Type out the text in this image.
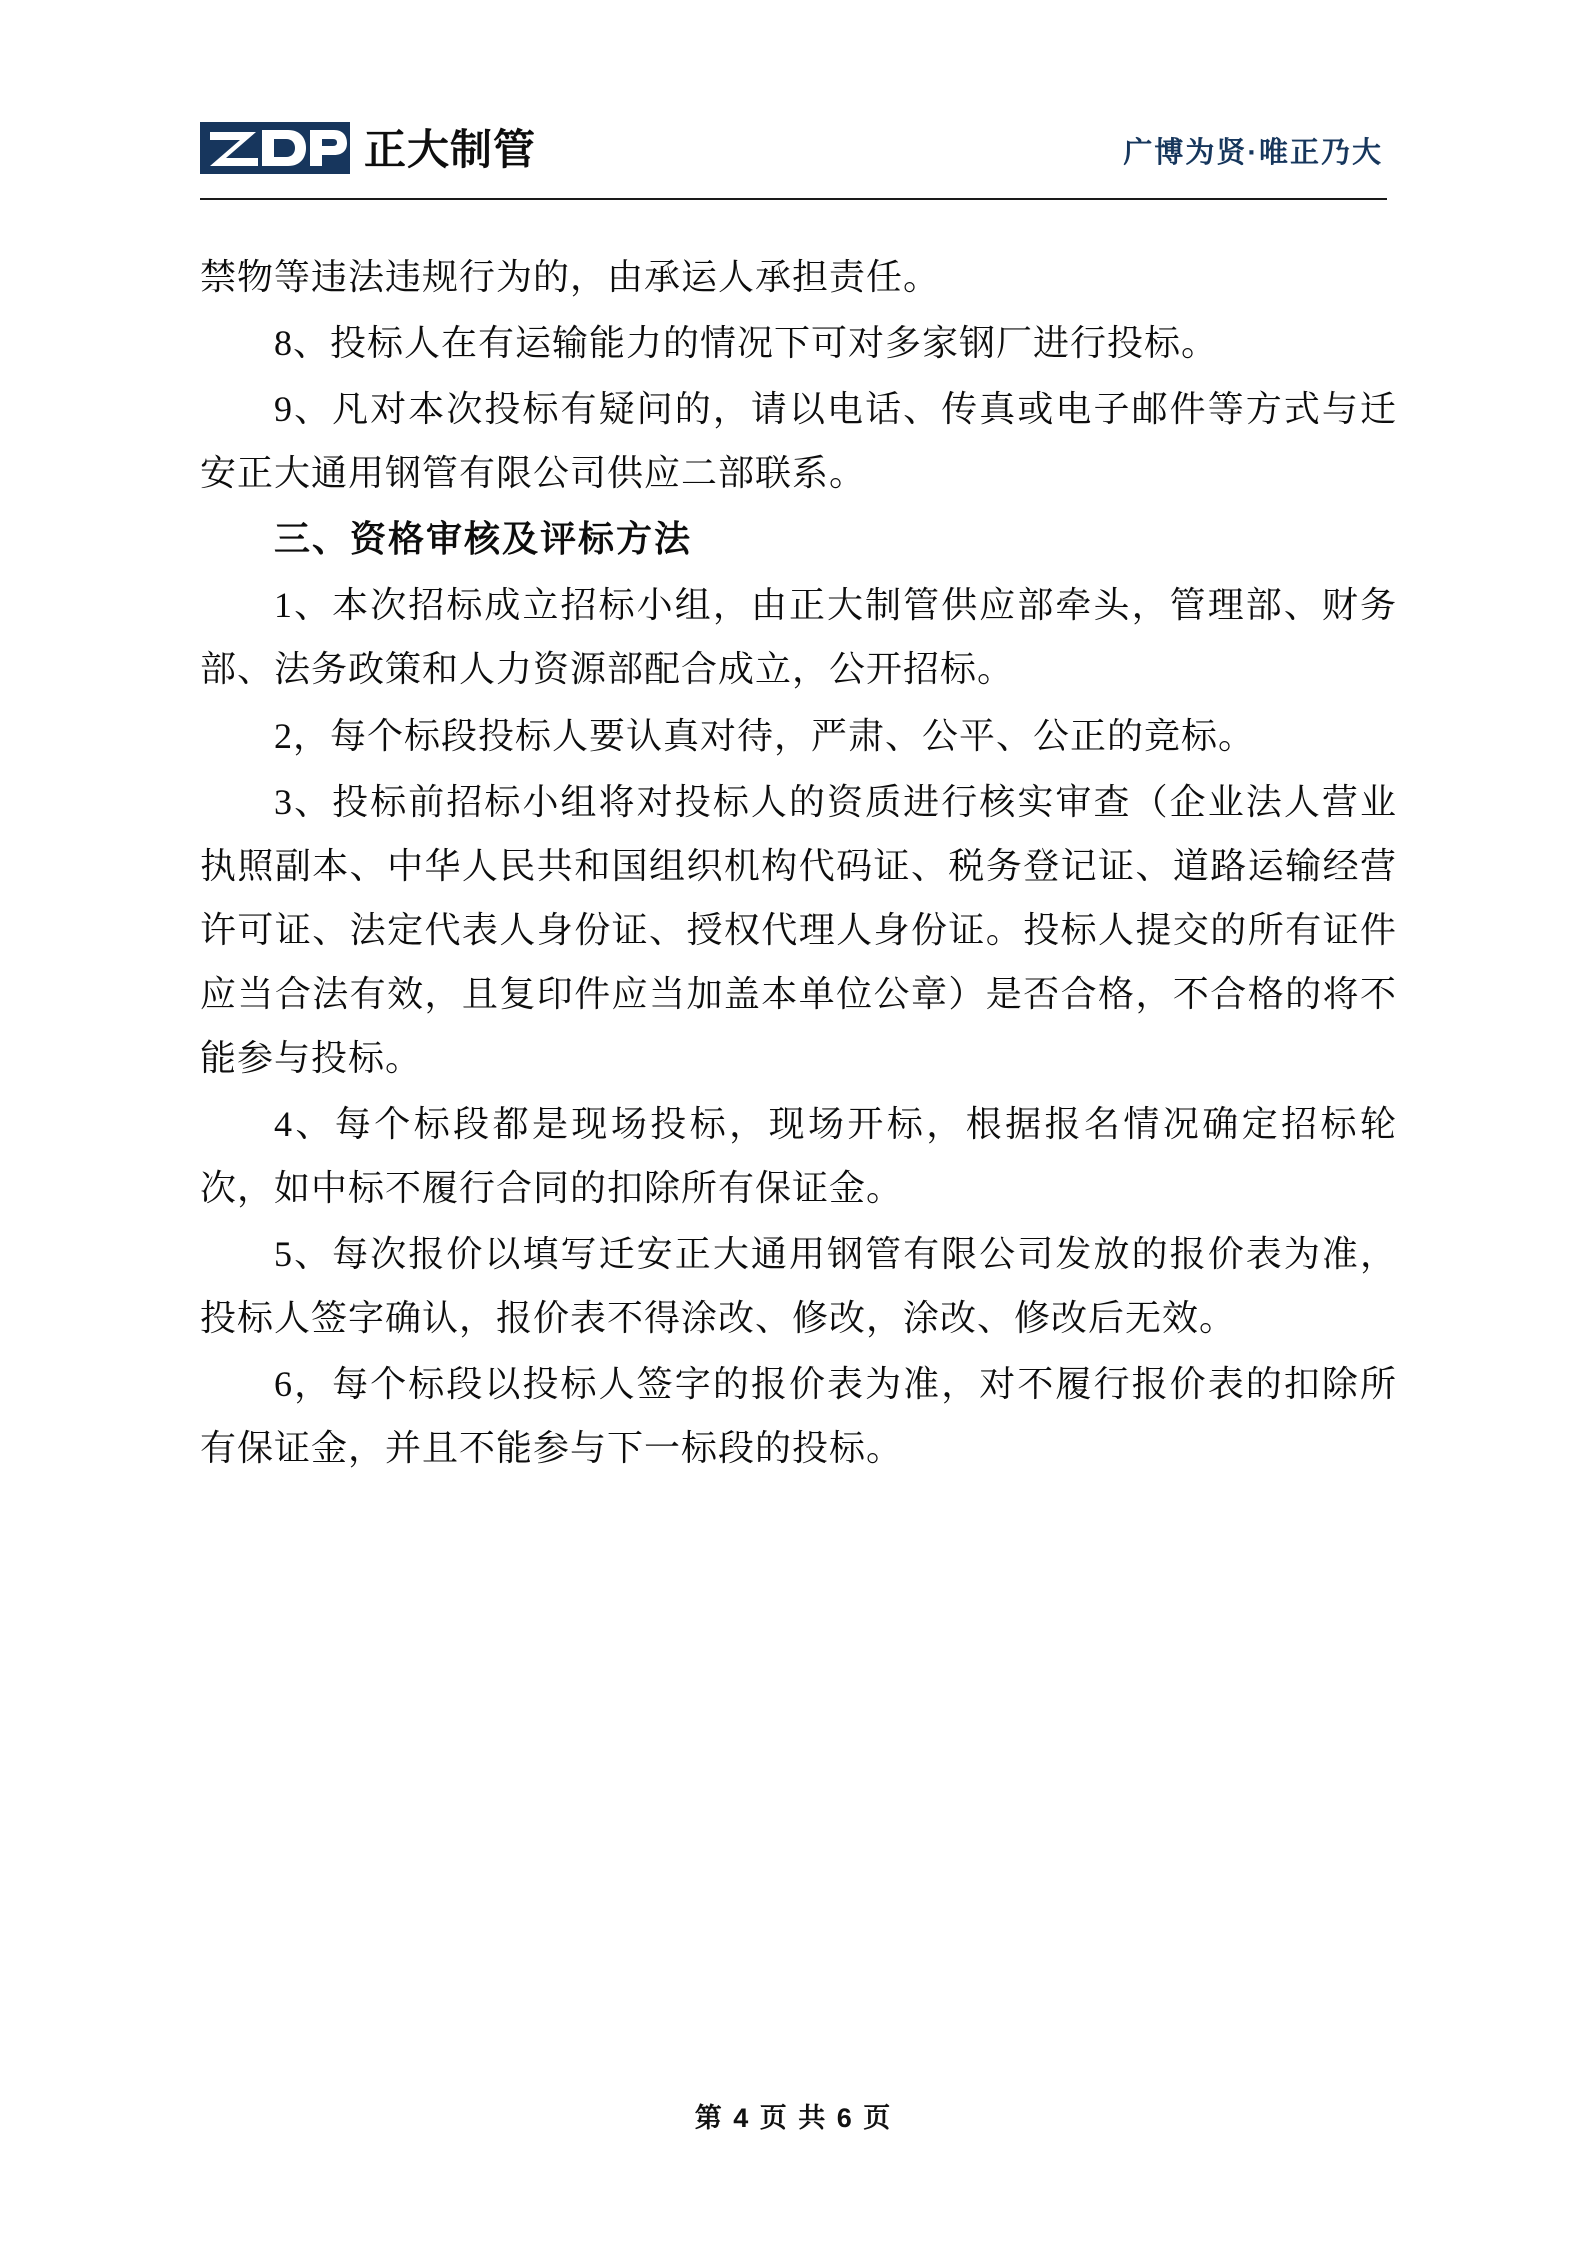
正大制管	广博为贤·唯正乃大

禁物等违法违规行为的，由承运人承担责任。

8、投标人在有运输能力的情况下可对多家钢厂进行投标。

9、凡对本次投标有疑问的，请以电话、传真或电子邮件等方式与迁安正大通用钢管有限公司供应二部联系。

三、资格审核及评标方法

1、本次招标成立招标小组，由正大制管供应部牵头，管理部、财务部、法务政策和人力资源部配合成立，公开招标。

2，每个标段投标人要认真对待，严肃、公平、公正的竞标。

3、投标前招标小组将对投标人的资质进行核实审查（企业法人营业执照副本、中华人民共和国组织机构代码证、税务登记证、道路运输经营许可证、法定代表人身份证、授权代理人身份证。投标人提交的所有证件应当合法有效，且复印件应当加盖本单位公章）是否合格，不合格的将不能参与投标。

4、每个标段都是现场投标，现场开标，根据报名情况确定招标轮次，如中标不履行合同的扣除所有保证金。

5、每次报价以填写迁安正大通用钢管有限公司发放的报价表为准，投标人签字确认，报价表不得涂改、修改，涂改、修改后无效。

6，每个标段以投标人签字的报价表为准，对不履行报价表的扣除所有保证金，并且不能参与下一标段的投标。

第 4 页 共 6 页
